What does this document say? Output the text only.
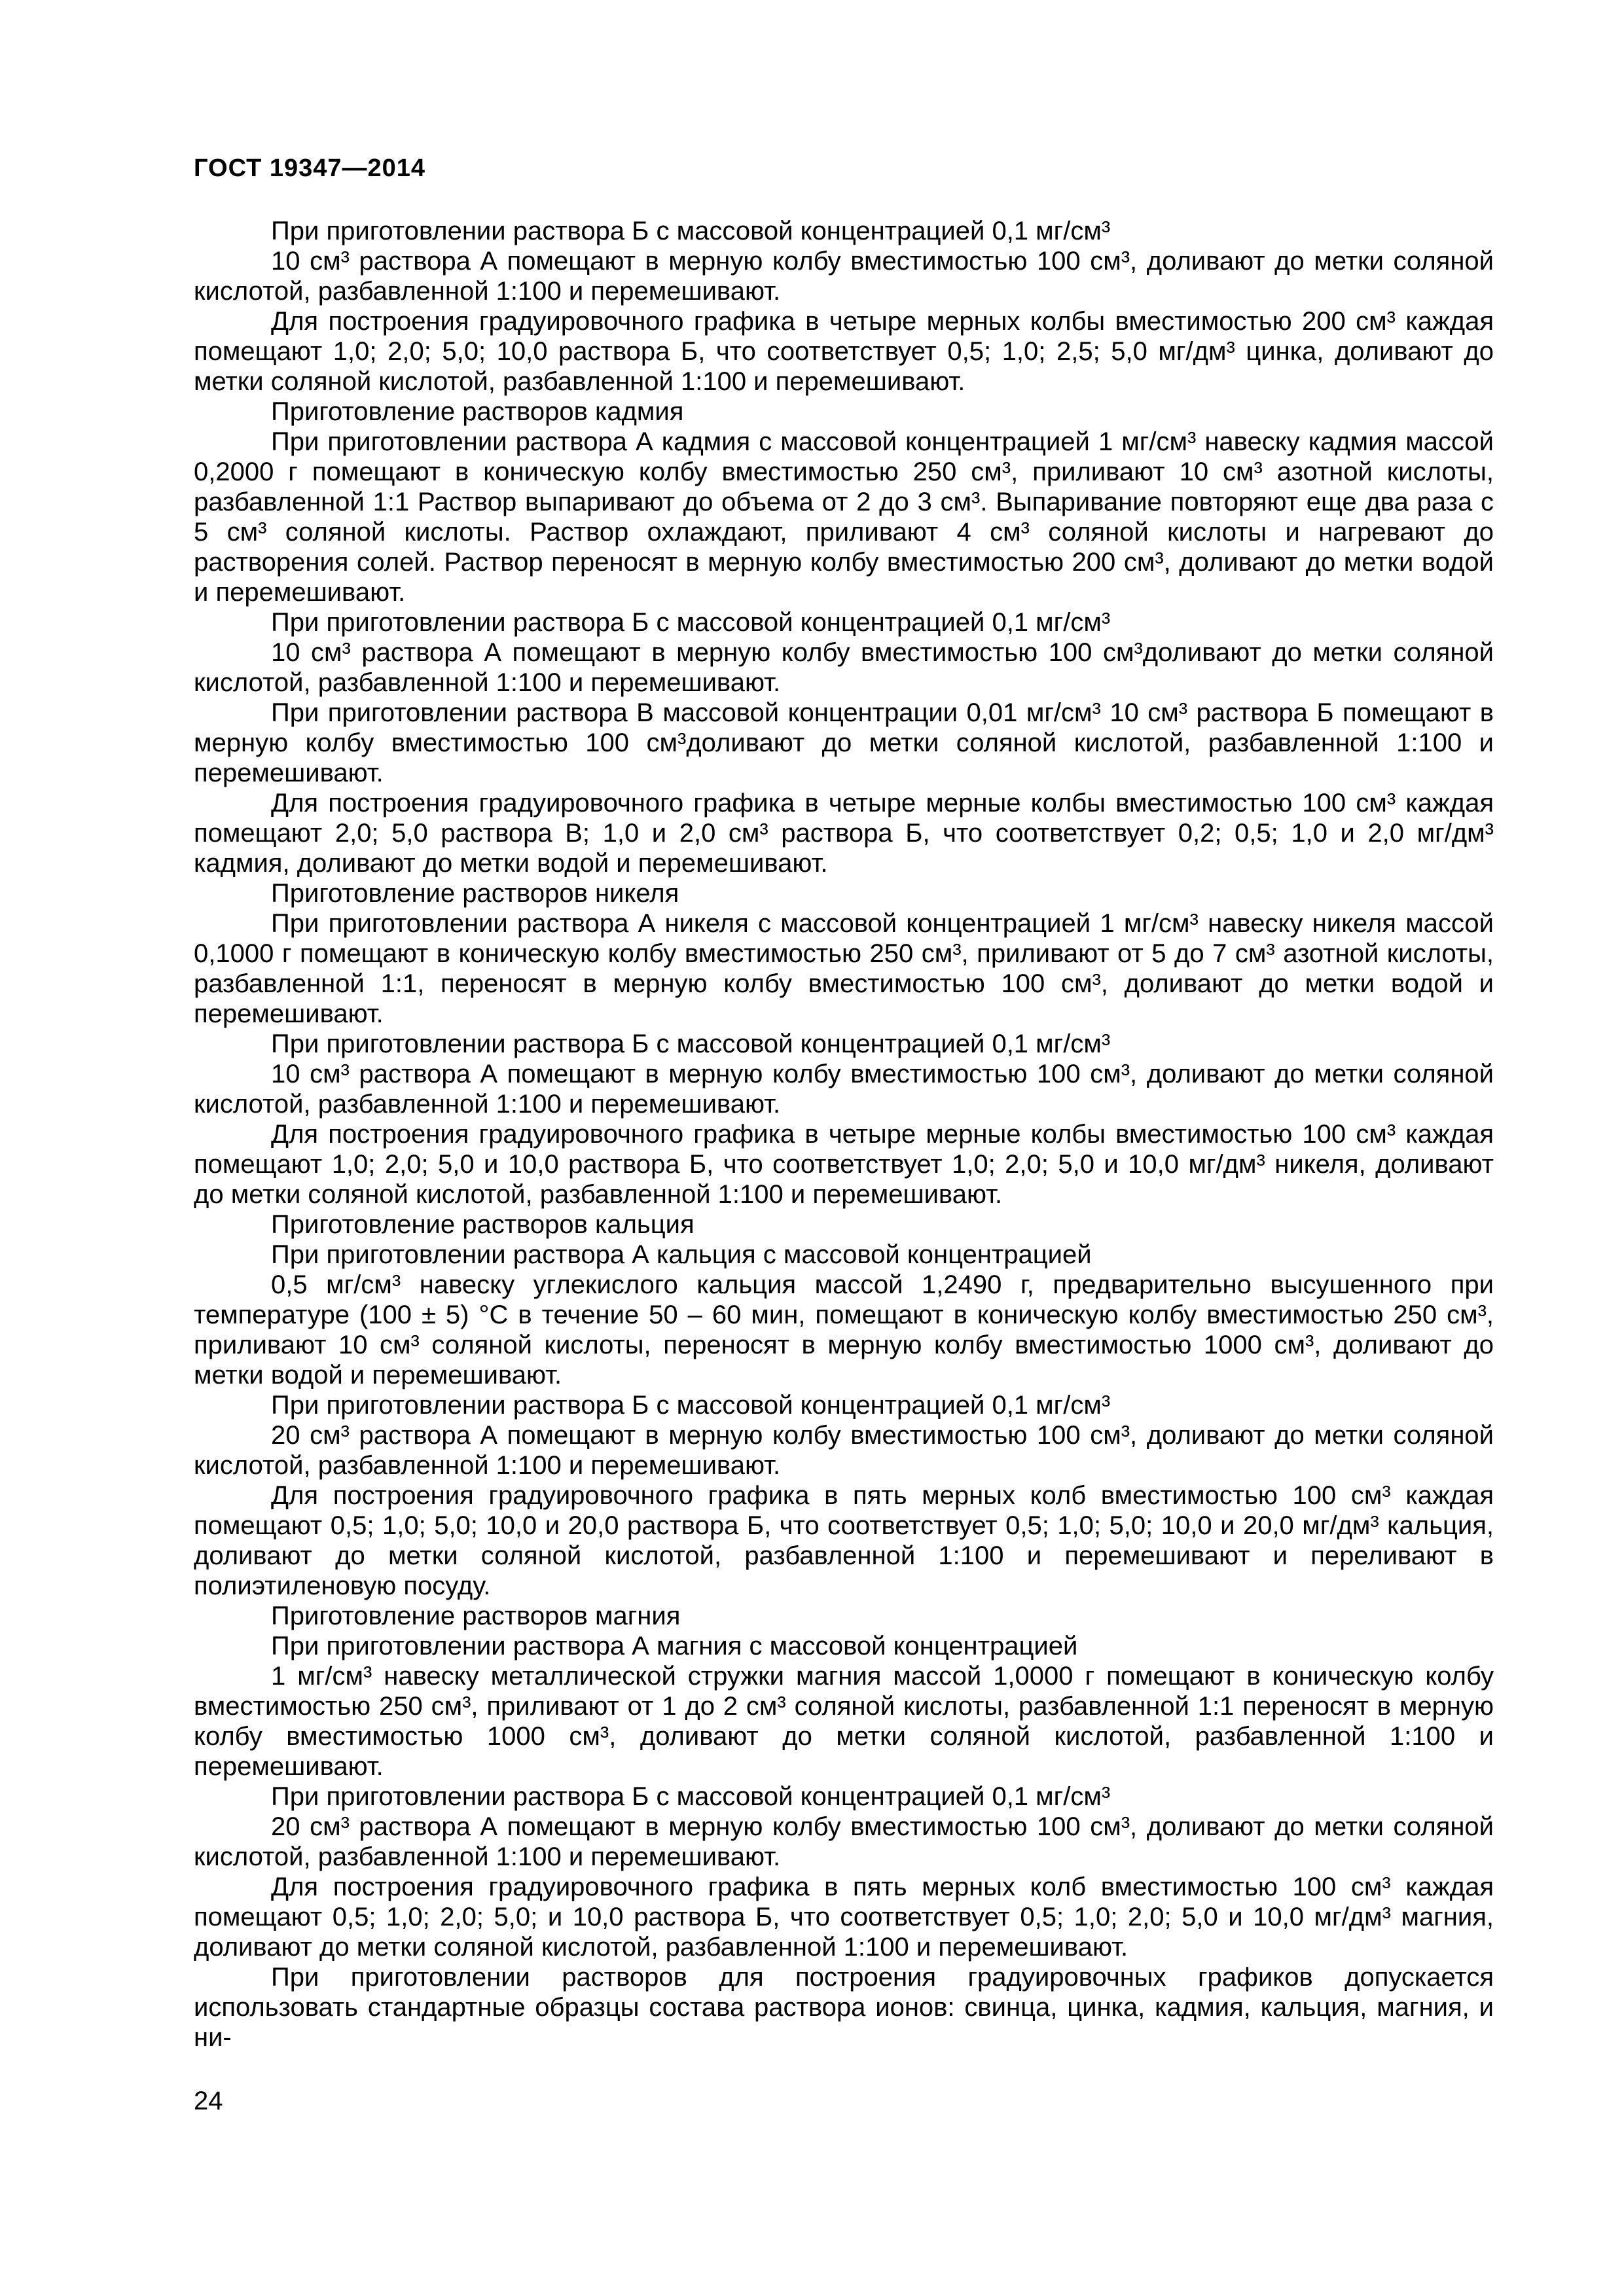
ГОСТ 19347—2014

При приготовлении раствора Б с массовой концентрацией 0,1 мг/см³

10 см³ раствора А помещают в мерную колбу вместимостью 100 см³, доливают до метки соляной кислотой, разбавленной 1:100 и перемешивают.

Для построения градуировочного графика в четыре мерных колбы вместимостью 200 см³ каждая помещают 1,0; 2,0; 5,0; 10,0 раствора Б, что соответствует 0,5; 1,0; 2,5; 5,0 мг/дм³ цинка, доливают до метки соляной кислотой, разбавленной 1:100 и перемешивают.

Приготовление растворов кадмия

При приготовлении раствора А кадмия с массовой концентрацией 1 мг/см³ навеску кадмия массой 0,2000 г помещают в коническую колбу вместимостью 250 см³, приливают 10 см³ азотной кислоты, разбавленной 1:1 Раствор выпаривают до объема от 2 до 3 см³. Выпаривание повторяют еще два раза с 5 см³ соляной кислоты. Раствор охлаждают, приливают 4 см³ соляной кислоты и нагревают до растворения солей. Раствор переносят в мерную колбу вместимостью 200 см³, доливают до метки водой и перемешивают.

При приготовлении раствора Б с массовой концентрацией 0,1 мг/см³

10 см³ раствора А помещают в мерную колбу вместимостью 100 см³доливают до метки соляной кислотой, разбавленной 1:100 и перемешивают.

При приготовлении раствора В массовой концентрации 0,01 мг/см³ 10 см³ раствора Б помещают в мерную колбу вместимостью 100 см³доливают до метки соляной кислотой, разбавленной 1:100 и перемешивают.

Для построения градуировочного графика в четыре мерные колбы вместимостью 100 см³ каждая помещают 2,0; 5,0 раствора В; 1,0 и 2,0 см³ раствора Б, что соответствует 0,2; 0,5; 1,0 и 2,0 мг/дм³ кадмия, доливают до метки водой и перемешивают.

Приготовление растворов никеля

При приготовлении раствора А никеля с массовой концентрацией 1 мг/см³ навеску никеля массой 0,1000 г помещают в коническую колбу вместимостью 250 см³, приливают от 5 до 7 см³ азотной кислоты, разбавленной 1:1, переносят в мерную колбу вместимостью 100 см³, доливают до метки водой и перемешивают.

При приготовлении раствора Б с массовой концентрацией 0,1 мг/см³

10 см³ раствора А помещают в мерную колбу вместимостью 100 см³, доливают до метки соляной кислотой, разбавленной 1:100 и перемешивают.

Для построения градуировочного графика в четыре мерные колбы вместимостью 100 см³ каждая помещают 1,0; 2,0; 5,0 и 10,0 раствора Б, что соответствует 1,0; 2,0; 5,0 и 10,0 мг/дм³ никеля, доливают до метки соляной кислотой, разбавленной 1:100 и перемешивают.

Приготовление растворов кальция

При приготовлении раствора А кальция с массовой концентрацией

0,5 мг/см³ навеску углекислого кальция массой 1,2490 г, предварительно высушенного при температуре (100 ± 5) °С в течение 50 – 60 мин, помещают в коническую колбу вместимостью 250 см³, приливают 10 см³ соляной кислоты, переносят в мерную колбу вместимостью 1000 см³, доливают до метки водой и перемешивают.

При приготовлении раствора Б с массовой концентрацией 0,1 мг/см³

20 см³ раствора А помещают в мерную колбу вместимостью 100 см³, доливают до метки соляной кислотой, разбавленной 1:100 и перемешивают.

Для построения градуировочного графика в пять мерных колб вместимостью 100 см³ каждая помещают 0,5; 1,0; 5,0; 10,0 и 20,0 раствора Б, что соответствует 0,5; 1,0; 5,0; 10,0 и 20,0 мг/дм³ кальция, доливают до метки соляной кислотой, разбавленной 1:100 и перемешивают и переливают в полиэтиленовую посуду.

Приготовление растворов магния

При приготовлении раствора А магния с массовой концентрацией

1 мг/см³ навеску металлической стружки магния массой 1,0000 г помещают в коническую колбу вместимостью 250 см³, приливают от 1 до 2 см³ соляной кислоты, разбавленной 1:1 переносят в мерную колбу вместимостью 1000 см³, доливают до метки соляной кислотой, разбавленной 1:100 и перемешивают.

При приготовлении раствора Б с массовой концентрацией 0,1 мг/см³

20 см³ раствора А помещают в мерную колбу вместимостью 100 см³, доливают до метки соляной кислотой, разбавленной 1:100 и перемешивают.

Для построения градуировочного графика в пять мерных колб вместимостью 100 см³ каждая помещают 0,5; 1,0; 2,0; 5,0; и 10,0 раствора Б, что соответствует 0,5; 1,0; 2,0; 5,0 и 10,0 мг/дм³ магния, доливают до метки соляной кислотой, разбавленной 1:100 и перемешивают.

При приготовлении растворов для построения градуировочных графиков допускается использовать стандартные образцы состава раствора ионов: свинца, цинка, кадмия, кальция, магния, и ни-

24
